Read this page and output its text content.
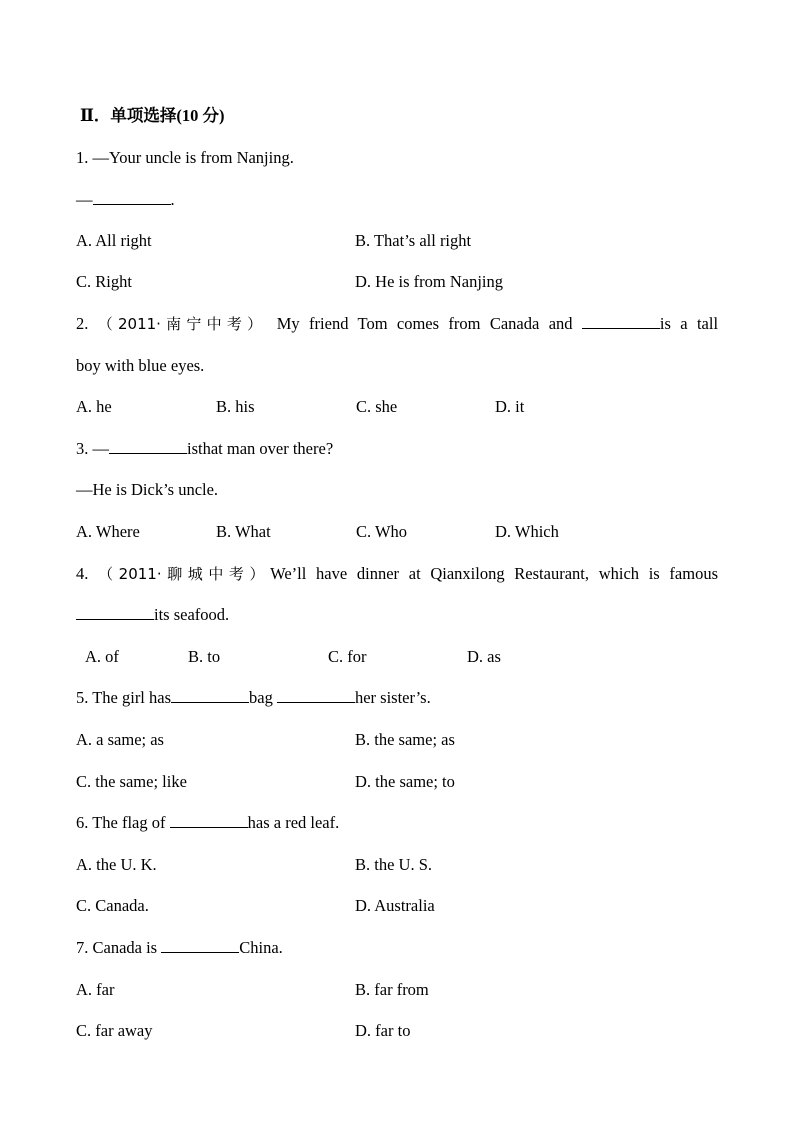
Ⅱ．单项选择(10 分)
1. —Your uncle is from Nanjing.
—	.
A. All right	B. That’s all right
C. Right	D. He is from Nanjing
2. （2011·南宁中考） My friend Tom comes from Canada and	is a tall
boy with blue eyes.
A. he	B. his	C. she	D. it
3. —	isthat man over there?
—He is Dick’s uncle.
A. Where	B. What	C. Who	D. Which
4. （2011·聊城中考）We’ll have dinner at Qianxilong Restaurant, which is famous
its seafood.
A. of	B. to	C. for	D. as
5. The girl has	bag	her sister’s.
A. a same; as	B. the same; as
C. the same; like	D. the same; to
6. The flag of	has a red leaf.
A. the U. K.	B. the U. S.
C. Canada.	D. Australia
7. Canada is	China.
A. far	B. far from
C. far away	D. far to
